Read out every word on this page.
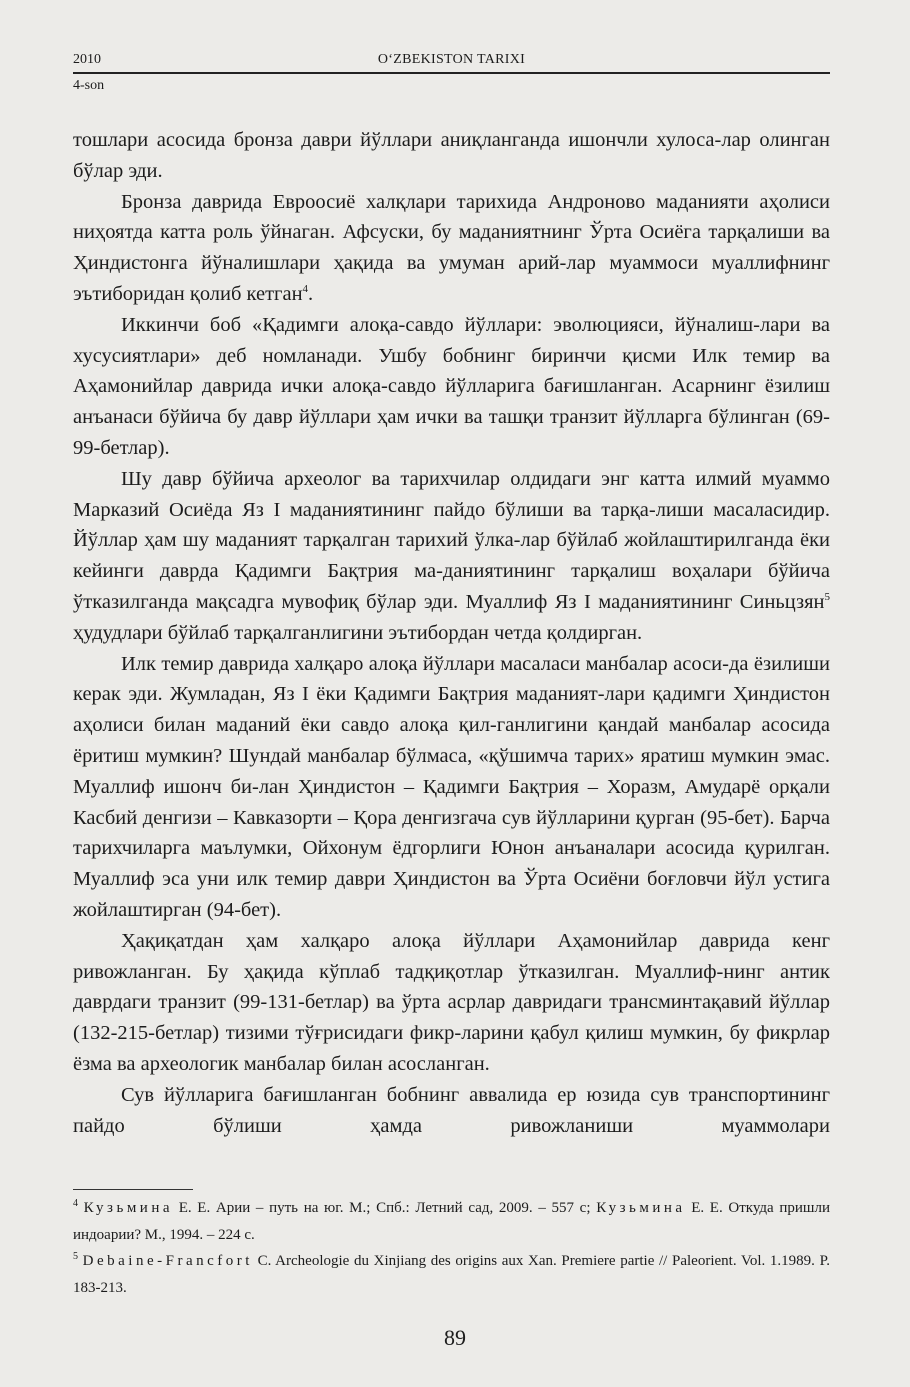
2010	O‘ZBEKISTON TARIXI
4-son

тошлари асосида бронза даври йўллари аниқланганда ишончли хулоса-лар олинган бўлар эди.

Бронза даврида Евроосиё халқлари тарихида Андроново маданияти аҳолиси ниҳоятда катта роль ўйнаган. Афсуски, бу маданиятнинг Ўрта Осиёга тарқалиши ва Ҳиндистонга йўналишлари ҳақида ва умуман арий-лар муаммоси муаллифнинг эътиборидан қолиб кетган$^4$.

Иккинчи боб «Қадимги алоқа-савдо йўллари: эволюцияси, йўналиш-лари ва хусусиятлари» деб номланади. Ушбу бобнинг биринчи қисми Илк темир ва Аҳамонийлар даврида ички алоқа-савдо йўлларига бағишланган. Асарнинг ёзилиш анъанаси бўйича бу давр йўллари ҳам ички ва ташқи транзит йўлларга бўлинган (69-99-бетлар).

Шу давр бўйича археолог ва тарихчилар олдидаги энг катта илмий муаммо Марказий Осиёда Яз I маданиятининг пайдо бўлиши ва тарқа-лиши масаласидир. Йўллар ҳам шу маданият тарқалган тарихий ўлка-лар бўйлаб жойлаштирилганда ёки кейинги даврда Қадимги Бақтрия ма-даниятининг тарқалиш воҳалари бўйича ўтказилганда мақсадга мувофиқ бўлар эди. Муаллиф Яз I маданиятининг Синьцзян$^5$ ҳудудлари бўйлаб тарқалганлигини эътибордан четда қолдирган.

Илк темир даврида халқаро алоқа йўллари масаласи манбалар асоси-да ёзилиши керак эди. Жумладан, Яз I ёки Қадимги Бақтрия маданият-лари қадимги Ҳиндистон аҳолиси билан маданий ёки савдо алоқа қил-ганлигини қандай манбалар асосида ёритиш мумкин? Шундай манбалар бўлмаса, «қўшимча тарих» яратиш мумкин эмас. Муаллиф ишонч би-лан Ҳиндистон – Қадимги Бақтрия – Хоразм, Амударё орқали Касбий денгизи – Кавказорти – Қора денгизгача сув йўлларини қурган (95-бет). Барча тарихчиларга маълумки, Ойхонум ёдгорлиги Юнон анъаналари асосида қурилган. Муаллиф эса уни илк темир даври Ҳиндистон ва Ўрта Осиёни боғловчи йўл устига жойлаштирган (94-бет).

Ҳақиқатдан ҳам халқаро алоқа йўллари Аҳамонийлар даврида кенг ривожланган. Бу ҳақида кўплаб тадқиқотлар ўтказилган. Муаллиф-нинг антик даврдаги транзит (99-131-бетлар) ва ўрта асрлар давридаги трансминтақавий йўллар (132-215-бетлар) тизими тўғрисидаги фикр-ларини қабул қилиш мумкин, бу фикрлар ёзма ва археологик манбалар билан асосланган.

Сув йўлларига бағишланган бобнинг аввалида ер юзида сув транспортининг пайдо бўлиши ҳамда ривожланиши муаммолари

$^4$ Кузьмина Е. Е. Арии – путь на юг. М.; Спб.: Летний сад, 2009. – 557 с; Кузьмина Е. Е. Откуда пришли индоарии? М., 1994. – 224 с.

$^5$ Debaine-Francfort C. Archeologie du Xinjiang des origins aux Xan. Premiere partie // Paleorient. Vol. 1.1989. P. 183-213.

89
